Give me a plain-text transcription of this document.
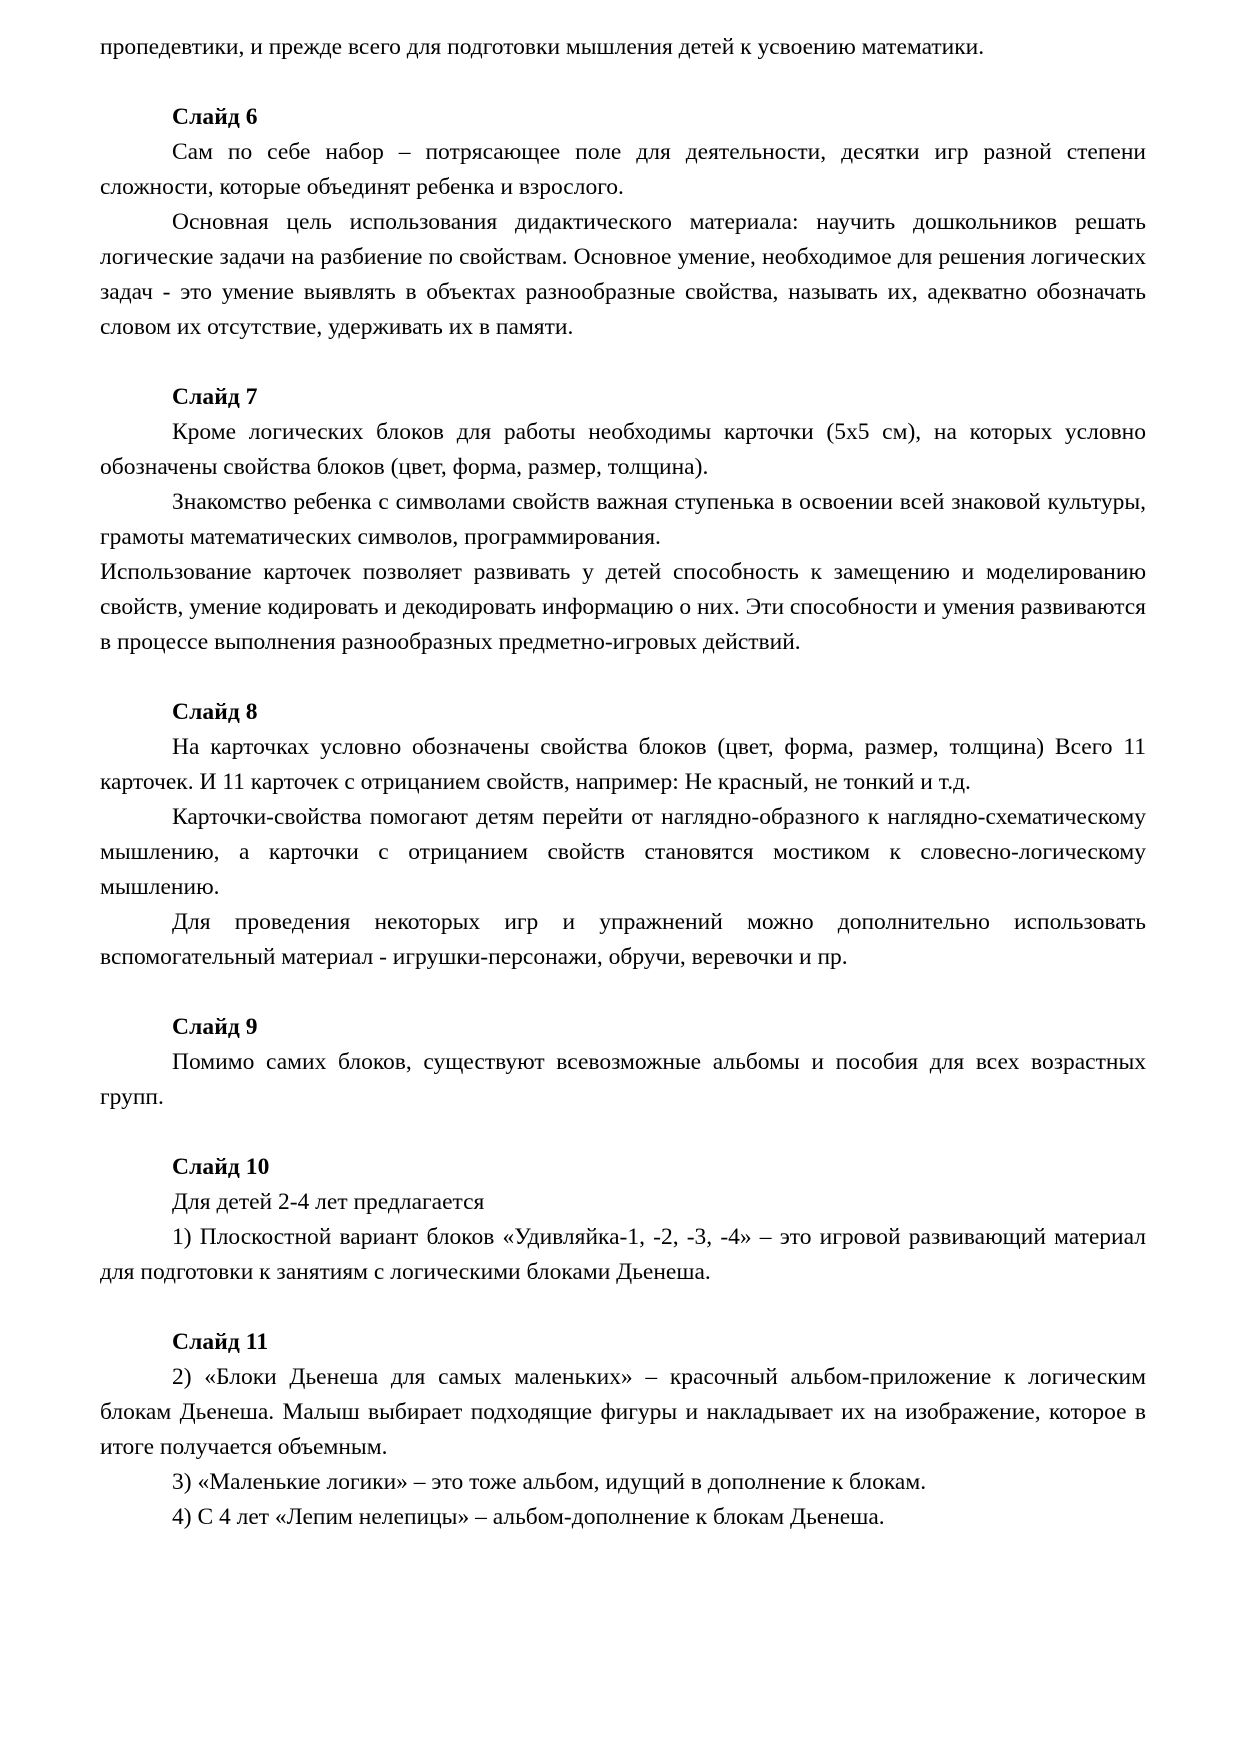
пропедевтики, и прежде всего для подготовки мышления детей к усвоению математики.

Слайд 6

Сам по себе набор – потрясающее поле для деятельности, десятки игр разной степени сложности, которые объединят ребенка и взрослого.

Основная цель использования дидактического материала: научить дошкольников решать логические задачи на разбиение по свойствам. Основное умение, необходимое для решения логических задач - это умение выявлять в объектах разнообразные свойства, называть их, адекватно обозначать словом их отсутствие, удерживать их в памяти.

Слайд 7

Кроме логических блоков для работы необходимы карточки (5х5 см), на которых условно обозначены свойства блоков (цвет, форма, размер, толщина).

Знакомство ребенка с символами свойств важная ступенька в освоении всей знаковой культуры, грамоты математических символов, программирования.

Использование карточек позволяет развивать у детей способность к замещению и моделированию свойств, умение кодировать и декодировать информацию о них. Эти способности и умения развиваются в процессе выполнения разнообразных предметно-игровых действий.

Слайд 8

На карточках условно обозначены свойства блоков (цвет, форма, размер, толщина) Всего 11 карточек. И 11 карточек с отрицанием свойств, например: Не красный, не тонкий и т.д.

Карточки-свойства помогают детям перейти от наглядно-образного к наглядно-схематическому мышлению, а карточки с отрицанием свойств становятся мостиком к словесно-логическому мышлению.

Для проведения некоторых игр и упражнений можно дополнительно использовать вспомогательный материал - игрушки-персонажи, обручи, веревочки и пр.

Слайд 9

Помимо самих блоков, существуют всевозможные альбомы и пособия для всех возрастных групп.

Слайд 10

Для детей 2-4 лет предлагается

1) Плоскостной вариант блоков «Удивляйка-1, -2, -3, -4» – это игровой развивающий материал для подготовки к занятиям с логическими блоками Дьенеша.

Слайд 11

2) «Блоки Дьенеша для самых маленьких» – красочный альбом-приложение к логическим блокам Дьенеша. Малыш выбирает подходящие фигуры и накладывает их на изображение, которое в итоге получается объемным.

3) «Маленькие логики» – это тоже альбом, идущий в дополнение к блокам.

4) С 4 лет «Лепим нелепицы» – альбом-дополнение к блокам Дьенеша.
